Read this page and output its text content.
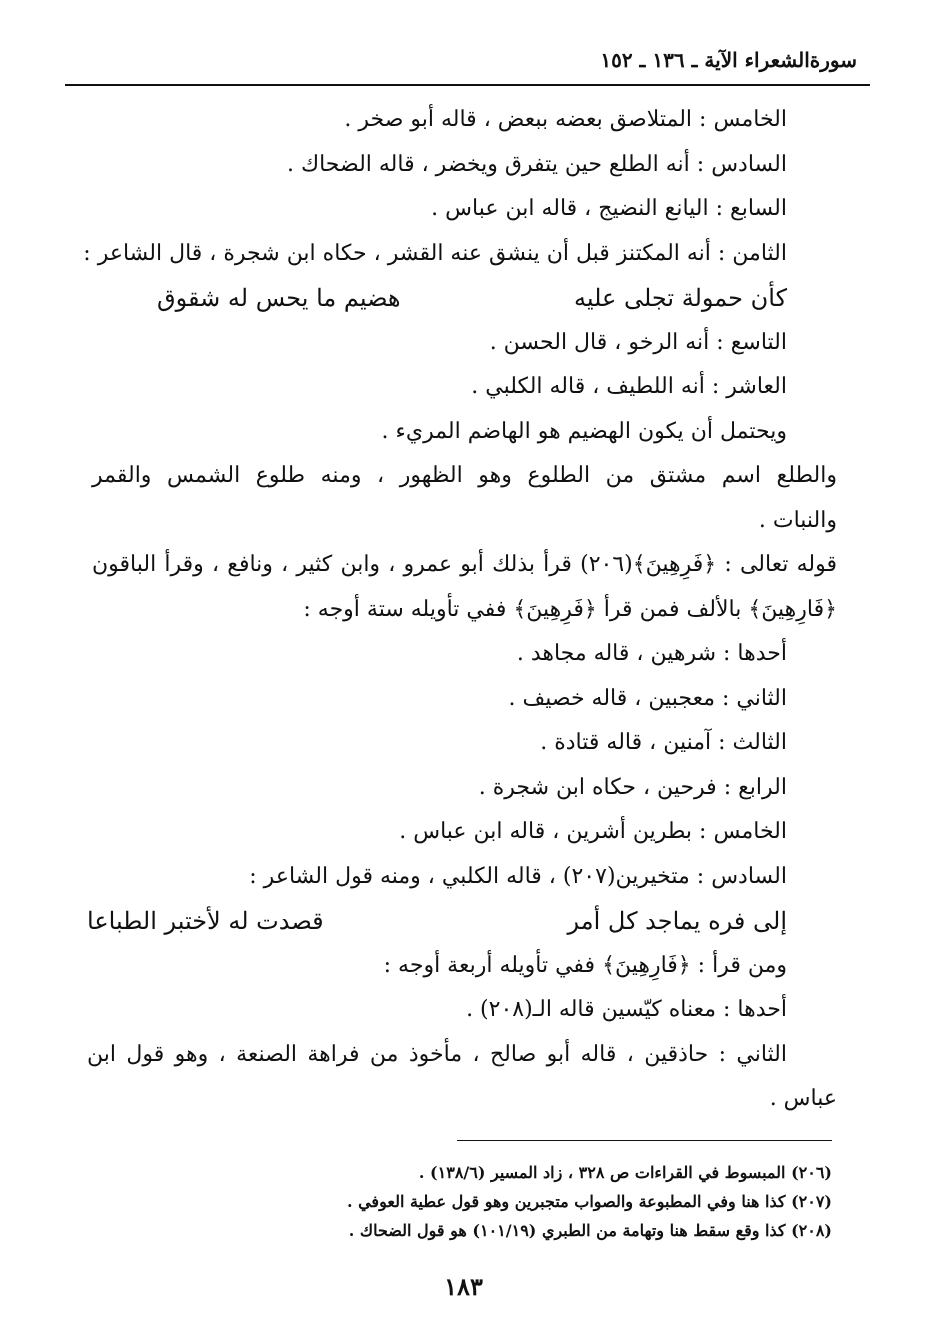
سورةالشعراء الآية ـ ١٣٦ ـ ١٥٢
الخامس : المتلاصق بعضه ببعض ، قاله أبو صخر .
السادس : أنه الطلع حين يتفرق ويخضر ، قاله الضحاك .
السابع : اليانع النضيج ، قاله ابن عباس .
الثامن : أنه المكتنز قبل أن ينشق عنه القشر ، حكاه ابن شجرة ، قال الشاعر :
كأن حمولة تجلى عليه
هضيم ما يحس له شقوق
التاسع : أنه الرخو ، قال الحسن .
العاشر : أنه اللطيف ، قاله الكلبي .
ويحتمل أن يكون الهضيم هو الهاضم المريء .
والطلع اسم مشتق من الطلوع وهو الظهور ، ومنه طلوع الشمس والقمر
والنبات .
قوله تعالى : ﴿فَرِهِينَ﴾(٢٠٦) قرأ بذلك أبو عمرو ، وابن كثير ، ونافع ، وقرأ الباقون
﴿فَارِهِينَ﴾ بالألف فمن قرأ ﴿فَرِهِينَ﴾ ففي تأويله ستة أوجه :
أحدها : شرهين ، قاله مجاهد .
الثاني : معجبين ، قاله خصيف .
الثالث : آمنين ، قاله قتادة .
الرابع : فرحين ، حكاه ابن شجرة .
الخامس : بطرين أشرين ، قاله ابن عباس .
السادس : متخيرين(٢٠٧) ، قاله الكلبي ، ومنه قول الشاعر :
إلى فره يماجد كل أمر
قصدت له لأختبر الطباعا
ومن قرأ : ﴿فَارِهِينَ﴾ ففي تأويله أربعة أوجه :
أحدها : معناه كيّسين قاله الـ(٢٠٨) .
الثاني : حاذقين ، قاله أبو صالح ، مأخوذ من فراهة الصنعة ، وهو قول ابن
عباس .
(٢٠٦) المبسوط في القراءات ص ٣٢٨ ، زاد المسير (١٣٨/٦) .
(٢٠٧) كذا هنا وفي المطبوعة والصواب متجبرين وهو قول عطية العوفي .
(٢٠٨) كذا وقع سقط هنا وتهامة من الطبري (١٠١/١٩) هو قول الضحاك .
١٨٣
